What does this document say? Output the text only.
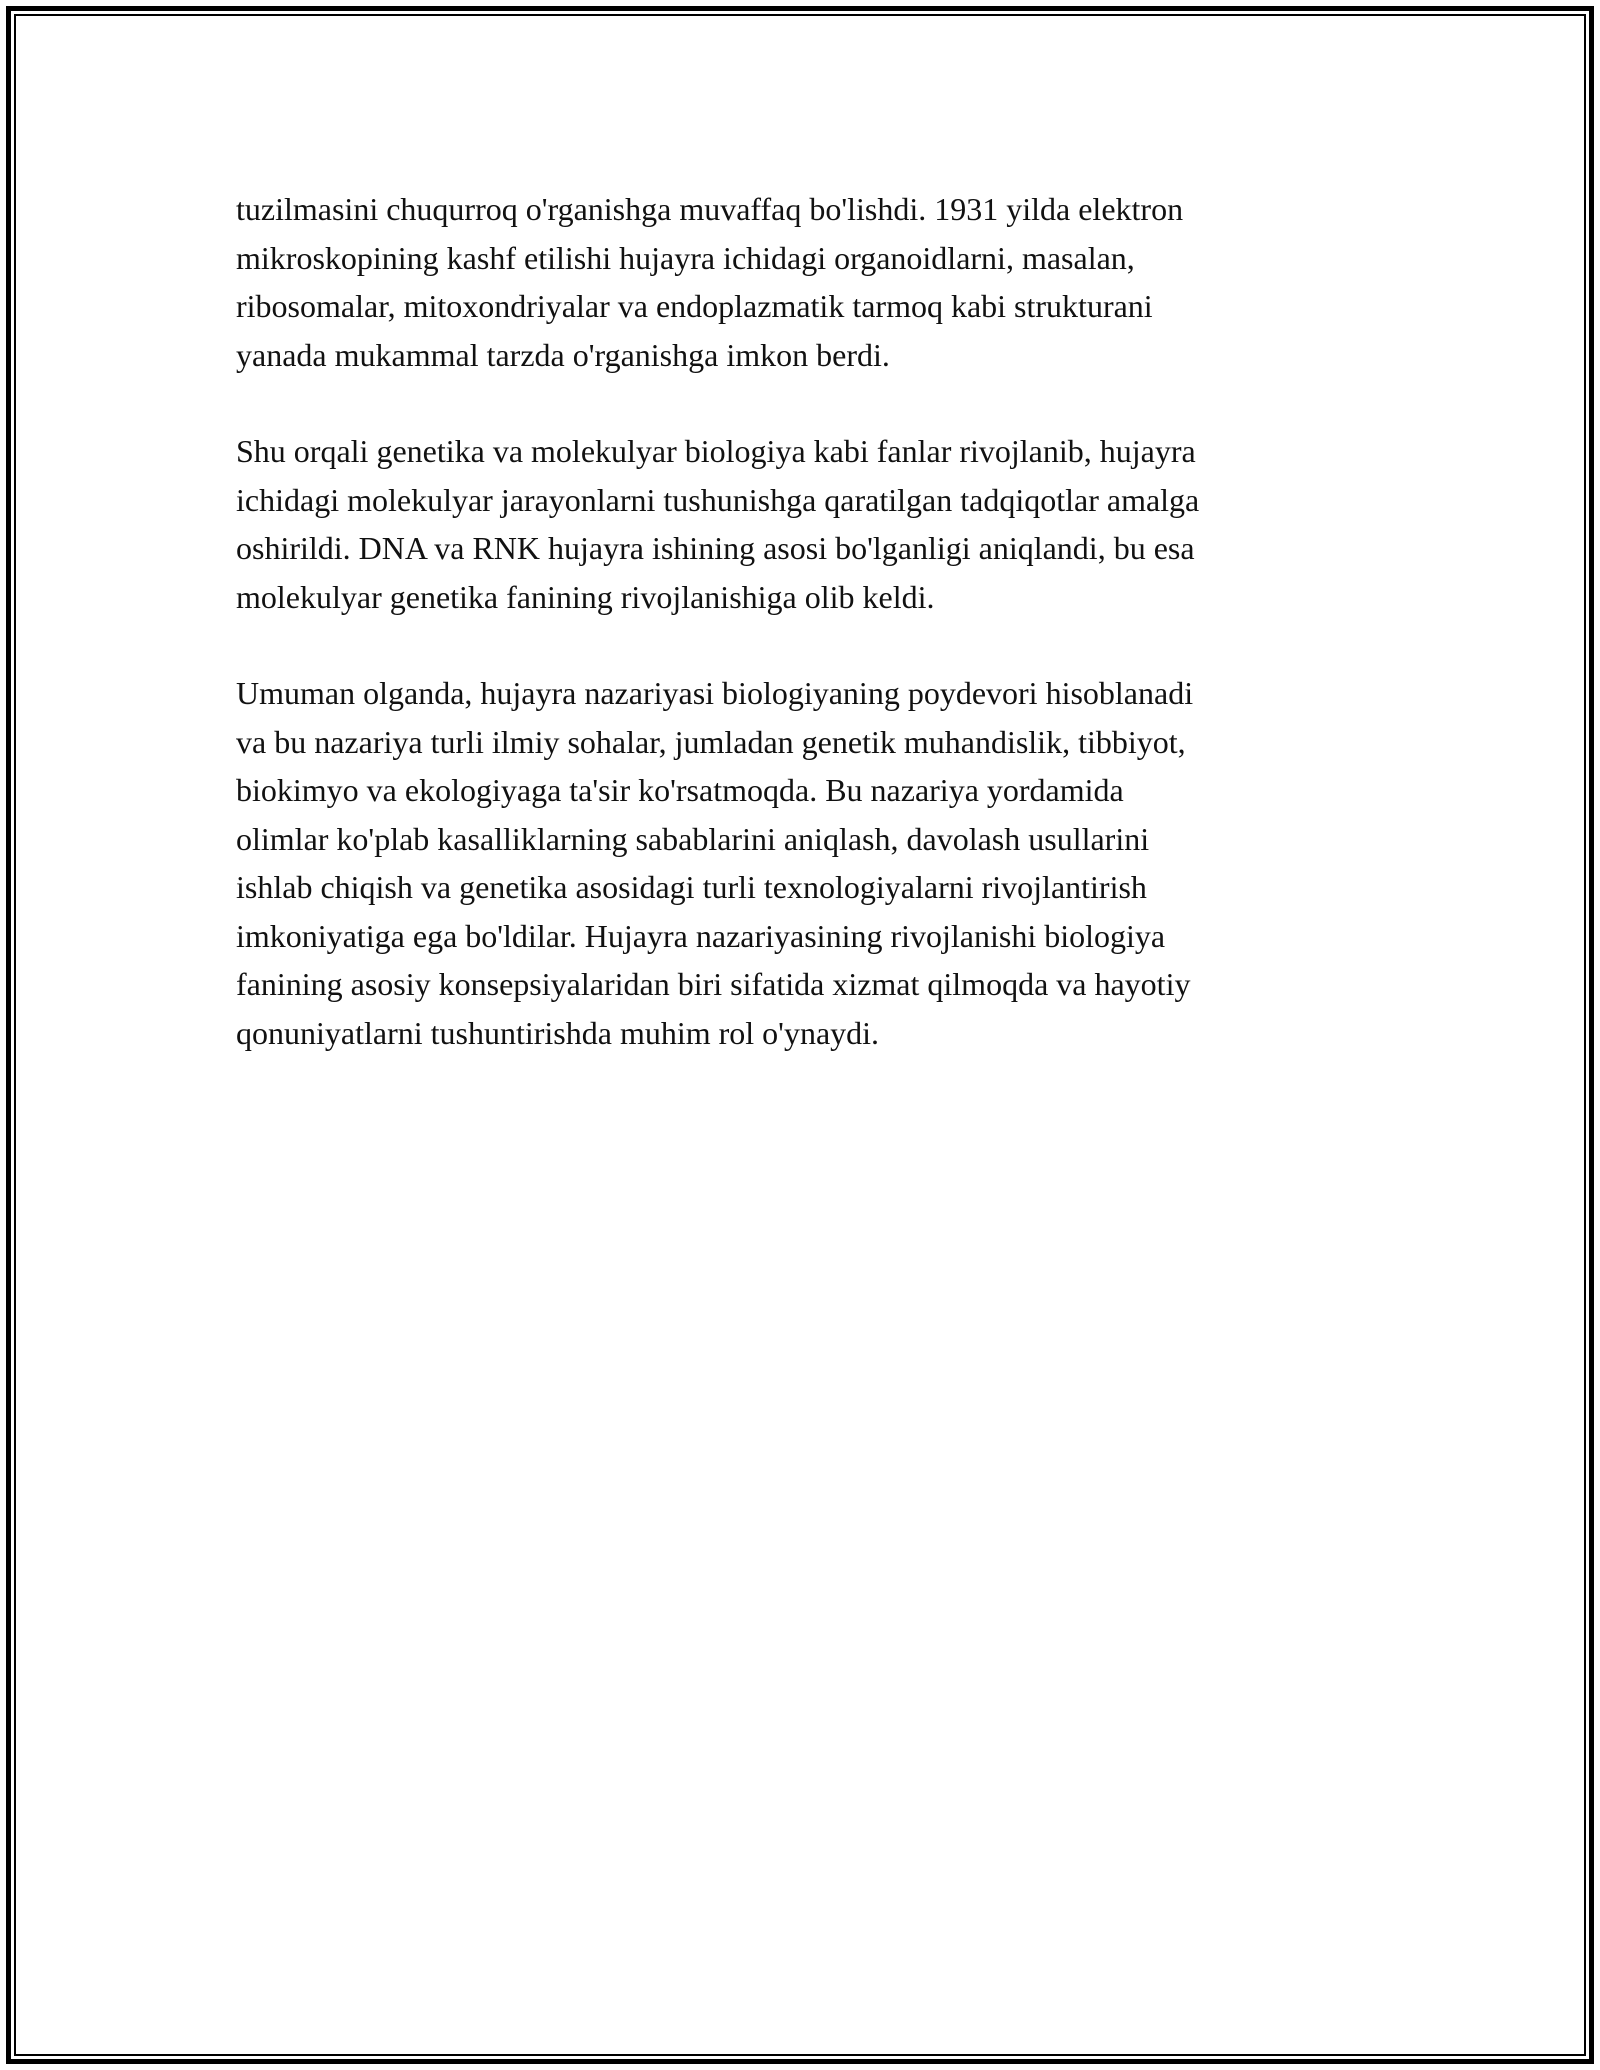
tuzilmasini chuqurroq o'rganishga muvaffaq bo'lishdi. 1931 yilda elektron
mikroskopining kashf etilishi hujayra ichidagi organoidlarni, masalan,
ribosomalar, mitoxondriyalar va endoplazmatik tarmoq kabi strukturani
yanada mukammal tarzda o'rganishga imkon berdi.

Shu orqali genetika va molekulyar biologiya kabi fanlar rivojlanib, hujayra
ichidagi molekulyar jarayonlarni tushunishga qaratilgan tadqiqotlar amalga
oshirildi. DNA va RNK hujayra ishining asosi bo'lganligi aniqlandi, bu esa
molekulyar genetika fanining rivojlanishiga olib keldi.

Umuman olganda, hujayra nazariyasi biologiyaning poydevori hisoblanadi
va bu nazariya turli ilmiy sohalar, jumladan genetik muhandislik, tibbiyot,
biokimyo va ekologiyaga ta'sir ko'rsatmoqda. Bu nazariya yordamida
olimlar ko'plab kasalliklarning sabablarini aniqlash, davolash usullarini
ishlab chiqish va genetika asosidagi turli texnologiyalarni rivojlantirish
imkoniyatiga ega bo'ldilar. Hujayra nazariyasining rivojlanishi biologiya
fanining asosiy konsepsiyalaridan biri sifatida xizmat qilmoqda va hayotiy
qonuniyatlarni tushuntirishda muhim rol o'ynaydi.
